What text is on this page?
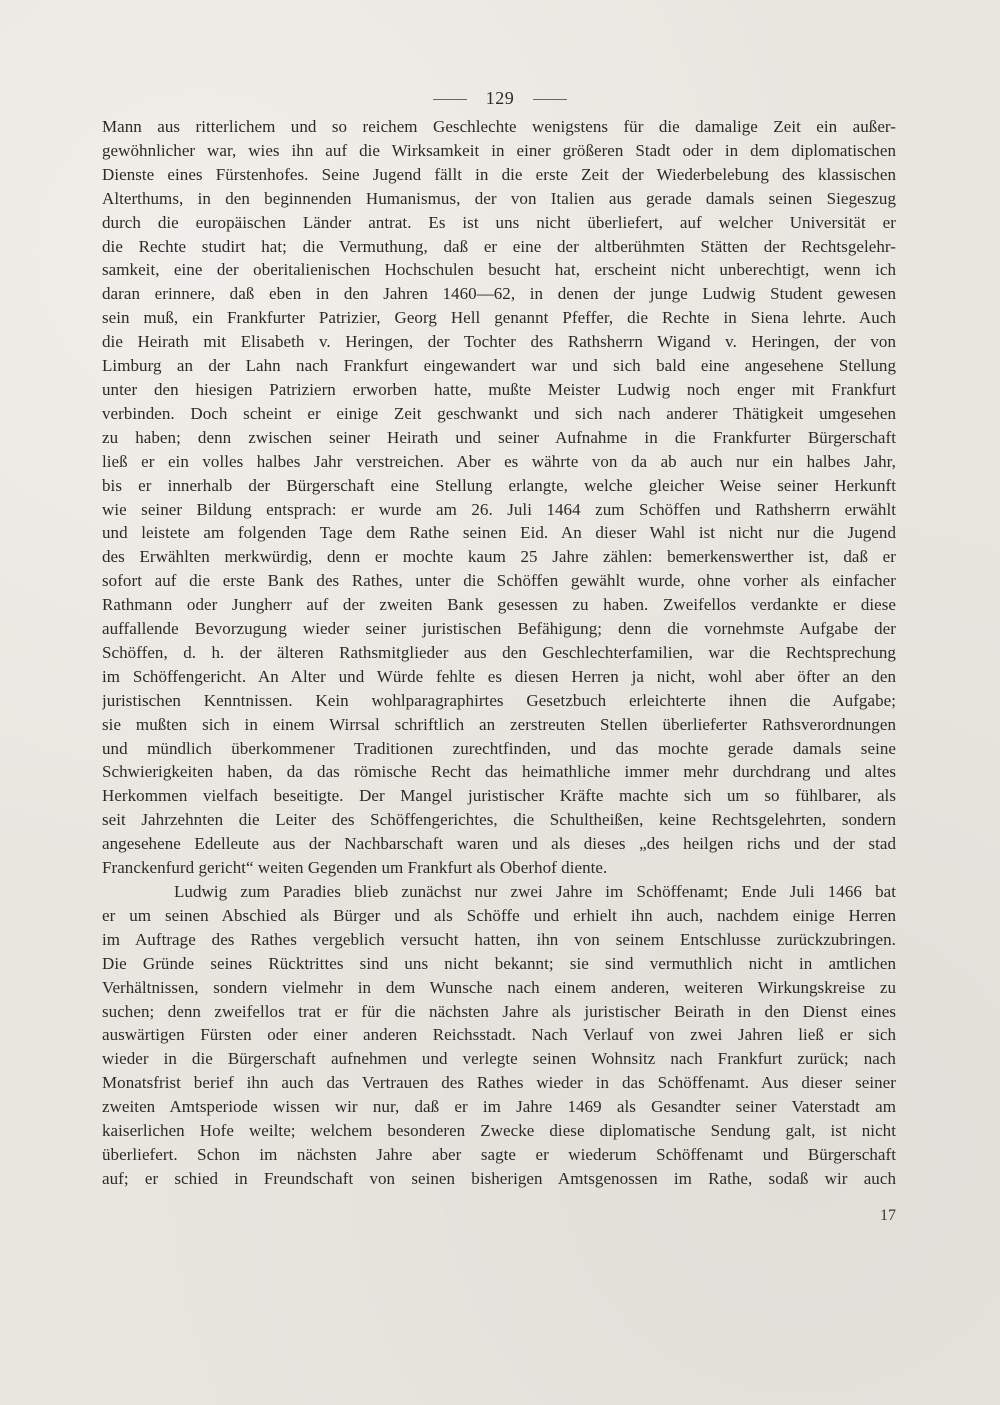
129
Mann aus ritterlichem und so reichem Geschlechte wenigstens für die damalige Zeit ein außer-
gewöhnlicher war, wies ihn auf die Wirksamkeit in einer größeren Stadt oder in dem diplomatischen
Dienste eines Fürstenhofes. Seine Jugend fällt in die erste Zeit der Wiederbelebung des klassischen
Alterthums, in den beginnenden Humanismus, der von Italien aus gerade damals seinen Siegeszug
durch die europäischen Länder antrat. Es ist uns nicht überliefert, auf welcher Universität er
die Rechte studirt hat; die Vermuthung, daß er eine der altberühmten Stätten der Rechtsgelehr-
samkeit, eine der oberitalienischen Hochschulen besucht hat, erscheint nicht unberechtigt, wenn ich
daran erinnere, daß eben in den Jahren 1460—62, in denen der junge Ludwig Student gewesen
sein muß, ein Frankfurter Patrizier, Georg Hell genannt Pfeffer, die Rechte in Siena lehrte. Auch
die Heirath mit Elisabeth v. Heringen, der Tochter des Rathsherrn Wigand v. Heringen, der von
Limburg an der Lahn nach Frankfurt eingewandert war und sich bald eine angesehene Stellung
unter den hiesigen Patriziern erworben hatte, mußte Meister Ludwig noch enger mit Frankfurt
verbinden. Doch scheint er einige Zeit geschwankt und sich nach anderer Thätigkeit umgesehen
zu haben; denn zwischen seiner Heirath und seiner Aufnahme in die Frankfurter Bürgerschaft
ließ er ein volles halbes Jahr verstreichen. Aber es währte von da ab auch nur ein halbes Jahr,
bis er innerhalb der Bürgerschaft eine Stellung erlangte, welche gleicher Weise seiner Herkunft
wie seiner Bildung entsprach: er wurde am 26. Juli 1464 zum Schöffen und Rathsherrn erwählt
und leistete am folgenden Tage dem Rathe seinen Eid. An dieser Wahl ist nicht nur die Jugend
des Erwählten merkwürdig, denn er mochte kaum 25 Jahre zählen: bemerkenswerther ist, daß er
sofort auf die erste Bank des Rathes, unter die Schöffen gewählt wurde, ohne vorher als einfacher
Rathmann oder Jungherr auf der zweiten Bank gesessen zu haben. Zweifellos verdankte er diese
auffallende Bevorzugung wieder seiner juristischen Befähigung; denn die vornehmste Aufgabe der
Schöffen, d. h. der älteren Rathsmitglieder aus den Geschlechterfamilien, war die Rechtsprechung
im Schöffengericht. An Alter und Würde fehlte es diesen Herren ja nicht, wohl aber öfter an den
juristischen Kenntnissen. Kein wohlparagraphirtes Gesetzbuch erleichterte ihnen die Aufgabe;
sie mußten sich in einem Wirrsal schriftlich an zerstreuten Stellen überlieferter Rathsverordnungen
und mündlich überkommener Traditionen zurechtfinden, und das mochte gerade damals seine
Schwierigkeiten haben, da das römische Recht das heimathliche immer mehr durchdrang und altes
Herkommen vielfach beseitigte. Der Mangel juristischer Kräfte machte sich um so fühlbarer, als
seit Jahrzehnten die Leiter des Schöffengerichtes, die Schultheißen, keine Rechtsgelehrten, sondern
angesehene Edelleute aus der Nachbarschaft waren und als dieses „des heilgen richs und der stad
Franckenfurd gericht“ weiten Gegenden um Frankfurt als Oberhof diente.
Ludwig zum Paradies blieb zunächst nur zwei Jahre im Schöffenamt; Ende Juli 1466 bat
er um seinen Abschied als Bürger und als Schöffe und erhielt ihn auch, nachdem einige Herren
im Auftrage des Rathes vergeblich versucht hatten, ihn von seinem Entschlusse zurückzubringen.
Die Gründe seines Rücktrittes sind uns nicht bekannt; sie sind vermuthlich nicht in amtlichen
Verhältnissen, sondern vielmehr in dem Wunsche nach einem anderen, weiteren Wirkungskreise zu
suchen; denn zweifellos trat er für die nächsten Jahre als juristischer Beirath in den Dienst eines
auswärtigen Fürsten oder einer anderen Reichsstadt. Nach Verlauf von zwei Jahren ließ er sich
wieder in die Bürgerschaft aufnehmen und verlegte seinen Wohnsitz nach Frankfurt zurück; nach
Monatsfrist berief ihn auch das Vertrauen des Rathes wieder in das Schöffenamt. Aus dieser seiner
zweiten Amtsperiode wissen wir nur, daß er im Jahre 1469 als Gesandter seiner Vaterstadt am
kaiserlichen Hofe weilte; welchem besonderen Zwecke diese diplomatische Sendung galt, ist nicht
überliefert. Schon im nächsten Jahre aber sagte er wiederum Schöffenamt und Bürgerschaft
auf; er schied in Freundschaft von seinen bisherigen Amtsgenossen im Rathe, sodaß wir auch
17
